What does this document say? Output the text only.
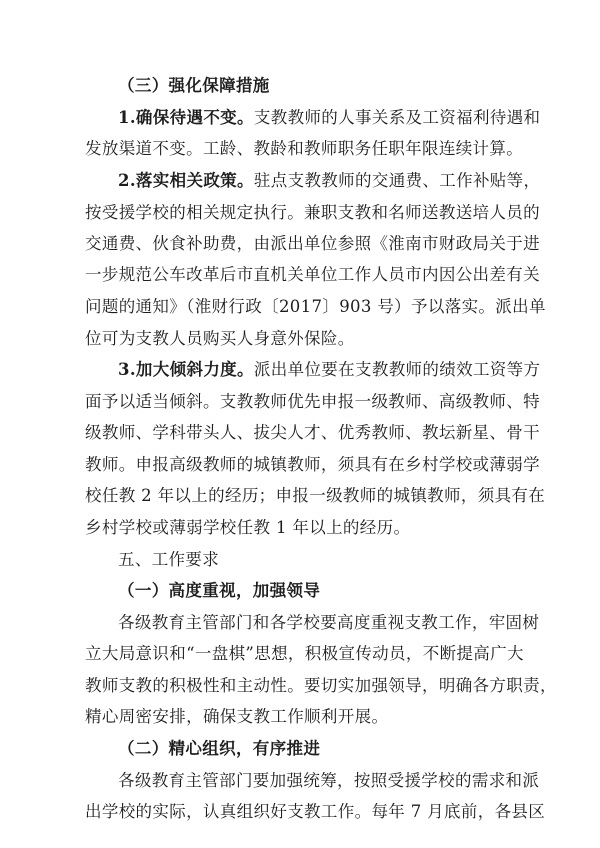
（三）强化保障措施
1.确保待遇不变。支教教师的人事关系及工资福利待遇和
发放渠道不变。工龄、教龄和教师职务任职年限连续计算。
2.落实相关政策。驻点支教教师的交通费、工作补贴等，
按受援学校的相关规定执行。兼职支教和名师送教送培人员的
交通费、伙食补助费，由派出单位参照《淮南市财政局关于进
一步规范公车改革后市直机关单位工作人员市内因公出差有关
问题的通知》（淮财行政〔2017〕903 号）予以落实。派出单
位可为支教人员购买人身意外保险。
3.加大倾斜力度。派出单位要在支教教师的绩效工资等方
面予以适当倾斜。支教教师优先申报一级教师、高级教师、特
级教师、学科带头人、拔尖人才、优秀教师、教坛新星、骨干
教师。申报高级教师的城镇教师，须具有在乡村学校或薄弱学
校任教 2 年以上的经历；申报一级教师的城镇教师，须具有在
乡村学校或薄弱学校任教 1 年以上的经历。
五、工作要求
（一）高度重视，加强领导
各级教育主管部门和各学校要高度重视支教工作，牢固树
立大局意识和“一盘棋”思想，积极宣传动员，不断提高广大
教师支教的积极性和主动性。要切实加强领导，明确各方职责，
精心周密安排，确保支教工作顺利开展。
（二）精心组织，有序推进
各级教育主管部门要加强统筹，按照受援学校的需求和派
出学校的实际，认真组织好支教工作。每年 7 月底前，各县区
